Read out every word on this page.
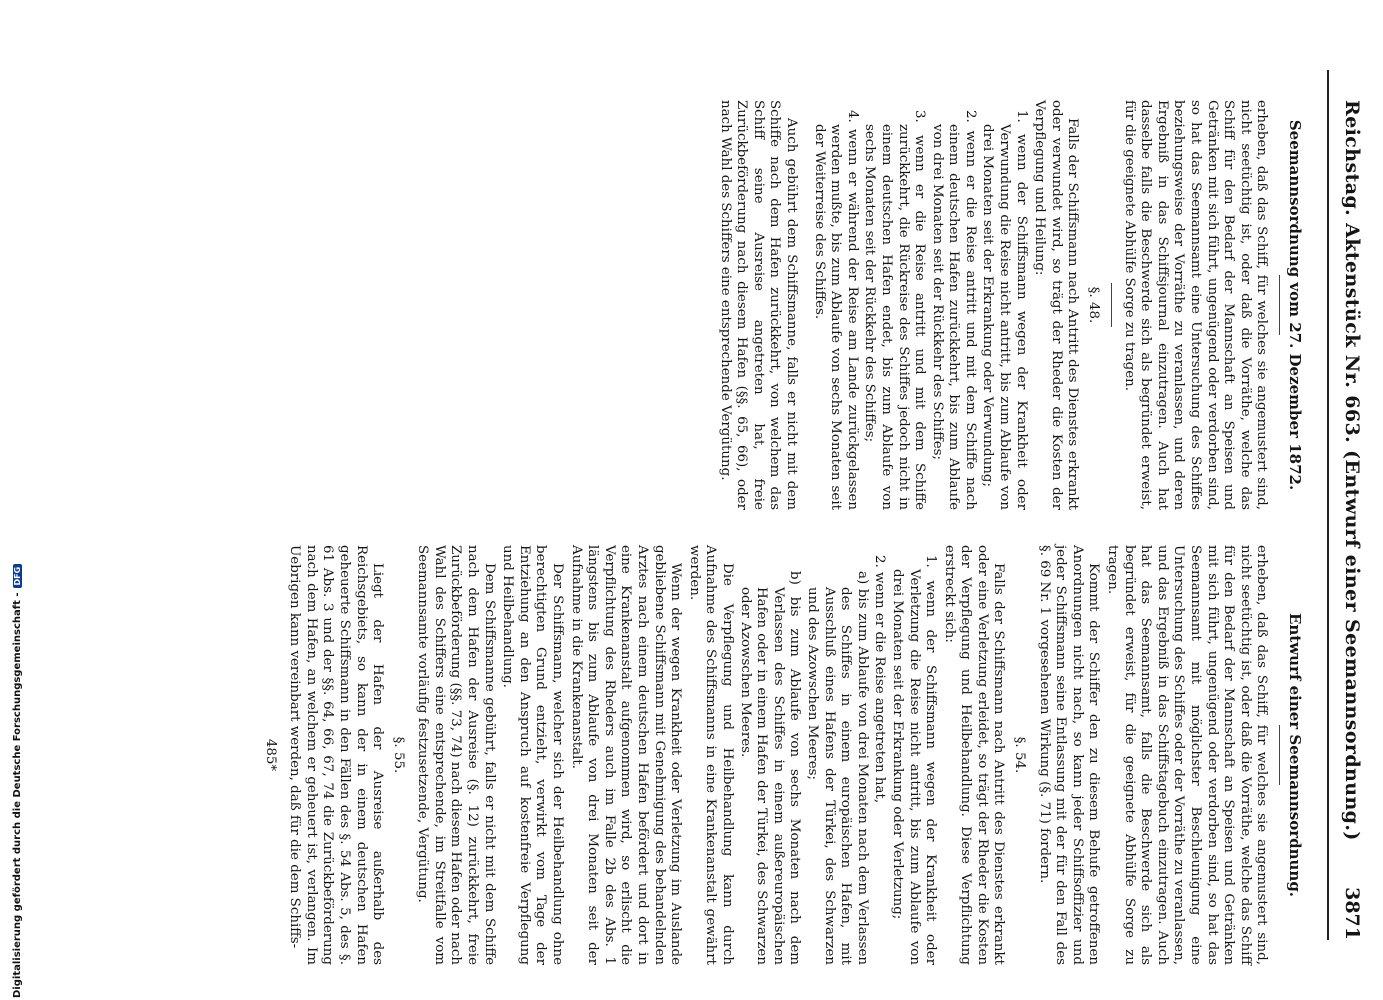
Reichstag. Aktenstück Nr. 663. (Entwurf einer Seemannsordnung.)
3871
Seemannsordnung vom 27. Dezember 1872.

erheben, daß das Schiff, für welches sie angemustert sind, nicht seetüchtig ist, oder daß die Vorräthe, welche das Schiff für den Bedarf der Mannschaft an Speisen und Getränken mit sich führt, ungenügend oder verdorben sind, so hat das Seemannsamt eine Untersuchung des Schiffes beziehungsweise der Vorräthe zu veranlassen, und deren Ergebniß in das Schiffsjournal einzutragen. Auch hat dasselbe falls die Beschwerde sich als begründet erweist, für die geeignete Abhülfe Sorge zu tragen.

§. 48.

Falls der Schiffsmann nach Antritt des Dienstes erkrankt oder verwundet wird, so trägt der Rheder die Kosten der Verpflegung und Heilung:

1. wenn der Schiffsmann wegen der Krankheit oder Verwundung die Reise nicht antritt, bis zum Ablaufe von drei Monaten seit der Erkrankung oder Verwundung;

2. wenn er die Reise antritt und mit dem Schiffe nach einem deutschen Hafen zurückkehrt, bis zum Ablaufe von drei Monaten seit der Rückkehr des Schiffes;

3. wenn er die Reise antritt und mit dem Schiffe zurückkehrt, die Rückreise des Schiffes jedoch nicht in einem deutschen Hafen endet, bis zum Ablaufe von sechs Monaten seit der Rückkehr des Schiffes;

4. wenn er während der Reise am Lande zurückgelassen werden mußte, bis zum Ablaufe von sechs Monaten seit der Weiterreise des Schiffes.

Auch gebührt dem Schiffsmanne, falls er nicht mit dem Schiffe nach dem Hafen zurückkehrt, von welchem das Schiff seine Ausreise angetreten hat, freie Zurückbeförderung nach diesem Hafen (§§. 65, 66), oder nach Wahl des Schiffers eine entsprechende Vergütung.

Entwurf einer Seemannsordnung.

erheben, daß das Schiff, für welches sie angemustert sind, nicht seetüchtig ist, oder daß die Vorräthe, welche das Schiff für den Bedarf der Mannschaft an Speisen und Getränken mit sich führt, ungenügend oder verdorben sind, so hat das Seemannsamt mit möglichster Beschleunigung eine Untersuchung des Schiffes oder der Vorräthe zu veranlassen, und das Ergebniß in das Schiffstagebuch einzutragen. Auch hat das Seemannsamt, falls die Beschwerde sich als begründet erweist, für die geeignete Abhülfe Sorge zu tragen.

Kommt der Schiffer den zu diesem Behufe getroffenen Anordnungen nicht nach, so kann jeder Schiffsoffizier und jeder Schiffsmann seine Entlassung mit der für den Fall des §. 69 Nr. 1 vorgesehenen Wirkung (§. 71) fordern.

§. 54.

Falls der Schiffsmann nach Antritt des Dienstes erkrankt oder eine Verletzung erleidet, so trägt der Rheder die Kosten der Verpflegung und Heilbehandlung. Diese Verpflichtung erstreckt sich:

1. wenn der Schiffsmann wegen der Krankheit oder Verletzung die Reise nicht antritt, bis zum Ablaufe von drei Monaten seit der Erkrankung oder Verletzung;

2. wenn er die Reise angetreten hat,

a) bis zum Ablaufe von drei Monaten nach dem Verlassen des Schiffes in einem europäischen Hafen, mit Ausschluß eines Hafens der Türkei, des Schwarzen und des Azowschen Meeres;

b) bis zum Ablaufe von sechs Monaten nach dem Verlassen des Schiffes in einem außereuropäischen Hafen oder in einem Hafen der Türkei, des Schwarzen oder Azowschen Meeres.

Die Verpflegung und Heilbehandlung kann durch Aufnahme des Schiffsmanns in eine Krankenanstalt gewährt werden.

Wenn der wegen Krankheit oder Verletzung im Auslande gebliebene Schiffsmann mit Genehmigung des behandelnden Arztes nach einem deutschen Hafen befördert und dort in eine Krankenanstalt aufgenommen wird, so erlischt die Verpflichtung des Rheders auch im Falle 2b des Abs. 1 längstens bis zum Ablaufe von drei Monaten seit der Aufnahme in die Krankenanstalt.

Der Schiffsmann, welcher sich der Heilbehandlung ohne berechtigten Grund entzieht, verwirkt vom Tage der Entziehung an den Anspruch auf kostenfreie Verpflegung und Heilbehandlung.

Dem Schiffsmanne gebührt, falls er nicht mit dem Schiffe nach dem Hafen der Ausreise (§. 12) zurückkehrt, freie Zurückbeförderung (§§. 73, 74) nach diesem Hafen oder nach Wahl des Schiffers eine entsprechende, im Streitfalle vom Seemannsamte vorläufig festzusetzende, Vergütung.

§. 55.

Liegt der Hafen der Ausreise außerhalb des Reichsgebiets, so kann der in einem deutschen Hafen geheuerte Schiffsmann in den Fällen des §. 54 Abs. 5, des §. 61 Abs. 3 und der §§. 64, 66, 67, 74 die Zurückbeförderung nach dem Hafen, an welchem er geheuert ist, verlangen. Im Uebrigen kann vereinbart werden, daß für die dem Schiffs-

485*
Digitalisierung gefördert durch die Deutsche Forschungsgemeinschaft -DFG
